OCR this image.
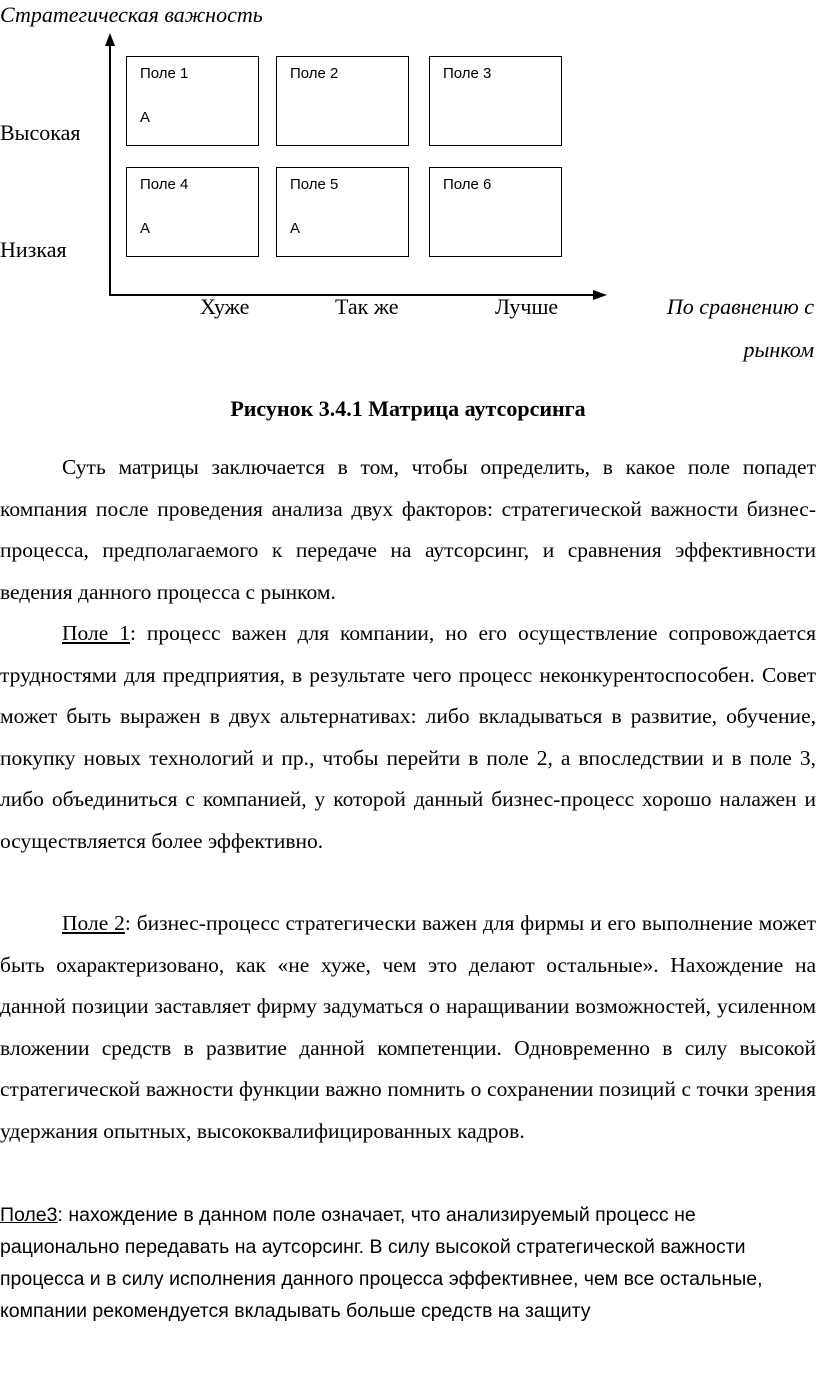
Стратегическая важность
Высокая
Низкая
Поле 1
А
Поле 2	Поле 3
Поле 4
А
Поле 5
А
Поле 6
Хуже	Так же	Лучше	По сравнению с
рынком
Рисунок 3.4.1 Матрица аутсорсинга

Суть матрицы заключается в том, чтобы определить, в какое поле попадет компания после проведения анализа двух факторов: стратегической важности бизнес-процесса, предполагаемого к передаче на аутсорсинг, и сравнения эффективности ведения данного процесса с рынком.

Поле 1: процесс важен для компании, но его осуществление сопровождается трудностями для предприятия, в результате чего процесс неконкурентоспособен. Совет может быть выражен в двух альтернативах: либо вкладываться в развитие, обучение, покупку новых технологий и пр., чтобы перейти в поле 2, а впоследствии и в поле 3, либо объединиться с компанией, у которой данный бизнес-процесс хорошо налажен и осуществляется более эффективно.

Поле 2: бизнес-процесс стратегически важен для фирмы и его выполнение может быть охарактеризовано, как «не хуже, чем это делают остальные». Нахождение на данной позиции заставляет фирму задуматься о наращивании возможностей, усиленном вложении средств в развитие данной компетенции. Одновременно в силу высокой стратегической важности функции важно помнить о сохранении позиций с точки зрения удержания опытных, высококвалифицированных кадров.

Поле3: нахождение в данном поле означает, что анализируемый процесс не рационально передавать на аутсорсинг. В силу высокой стратегической важности процесса и в силу исполнения данного процесса эффективнее, чем все остальные, компании рекомендуется вкладывать больше средств на защиту
